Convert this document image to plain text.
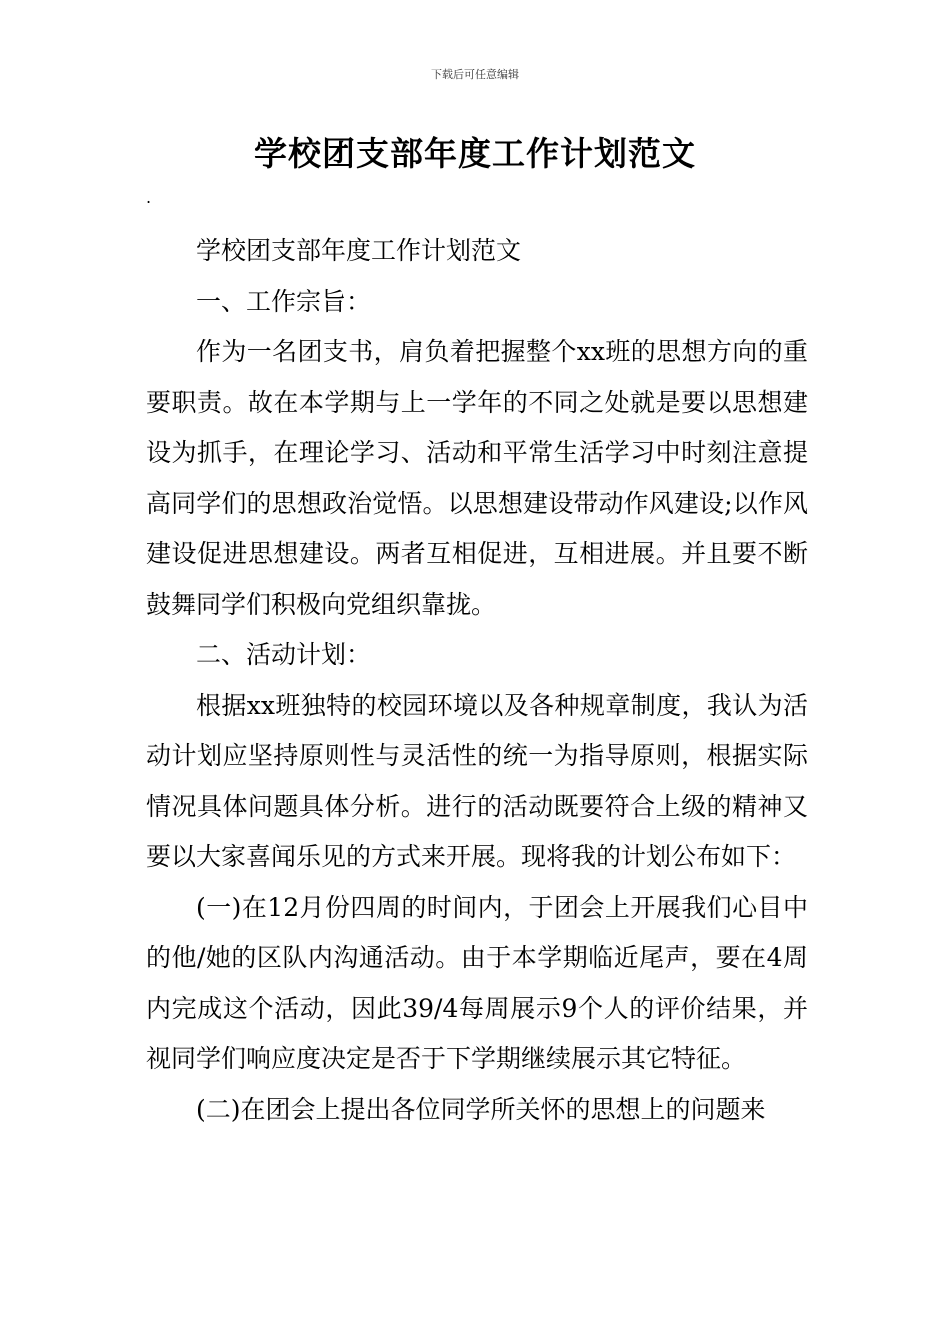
下载后可任意编辑
学校团支部年度工作计划范文
.

学校团支部年度工作计划范文

一、工作宗旨：

作为一名团支书，肩负着把握整个xx班的思想方向的重要职责。故在本学期与上一学年的不同之处就是要以思想建设为抓手，在理论学习、活动和平常生活学习中时刻注意提高同学们的思想政治觉悟。以思想建设带动作风建设;以作风建设促进思想建设。两者互相促进，互相进展。并且要不断鼓舞同学们积极向党组织靠拢。

二、活动计划：

根据xx班独特的校园环境以及各种规章制度，我认为活动计划应坚持原则性与灵活性的统一为指导原则，根据实际情况具体问题具体分析。进行的活动既要符合上级的精神又要以大家喜闻乐见的方式来开展。现将我的计划公布如下：

(一)在12月份四周的时间内，于团会上开展我们心目中的他/她的区队内沟通活动。由于本学期临近尾声，要在4周内完成这个活动，因此39/4每周展示9个人的评价结果，并视同学们响应度决定是否于下学期继续展示其它特征。

(二)在团会上提出各位同学所关怀的思想上的问题来
